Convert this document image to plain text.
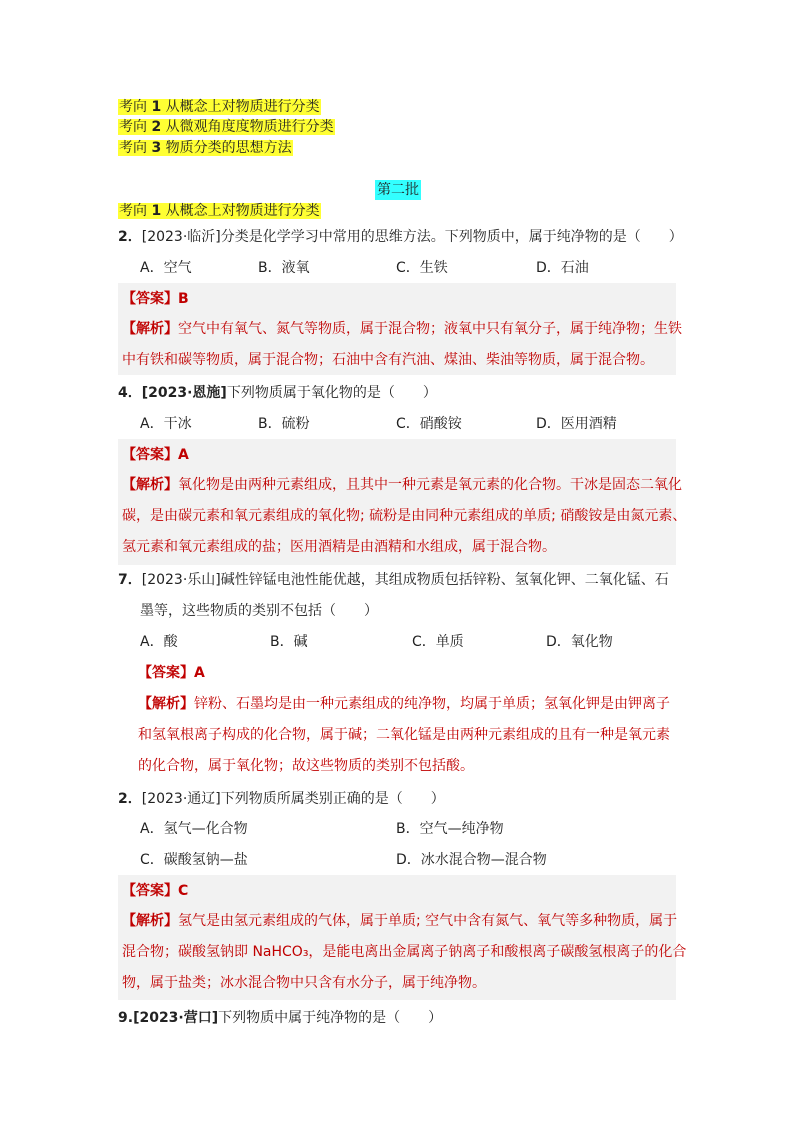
考向 1 从概念上对物质进行分类
考向 2 从微观角度度物质进行分类
考向 3 物质分类的思想方法
第二批
考向 1 从概念上对物质进行分类
2．[2023·临沂]分类是化学学习中常用的思维方法。下列物质中，属于纯净物的是（　　）
A．空气	B．液氧	C．生铁	D．石油
【答案】B
【解析】空气中有氧气、氮气等物质，属于混合物；液氧中只有氧分子，属于纯净物；生铁
中有铁和碳等物质，属于混合物；石油中含有汽油、煤油、柴油等物质，属于混合物。
4．[2023·恩施]下列物质属于氧化物的是（　　）
A．干冰	B．硫粉	C．硝酸铵	D．医用酒精
【答案】A
【解析】氧化物是由两种元素组成，且其中一种元素是氧元素的化合物。干冰是固态二氧化
碳，是由碳元素和氧元素组成的氧化物; 硫粉是由同种元素组成的单质; 硝酸铵是由氮元素、
氢元素和氧元素组成的盐；医用酒精是由酒精和水组成，属于混合物。
7．[2023·乐山]碱性锌锰电池性能优越，其组成物质包括锌粉、氢氧化钾、二氧化锰、石
墨等，这些物质的类别不包括（　　）
A．酸	B．碱	C．单质	D．氧化物
【答案】A
【解析】锌粉、石墨均是由一种元素组成的纯净物，均属于单质；氢氧化钾是由钾离子
和氢氧根离子构成的化合物，属于碱；二氧化锰是由两种元素组成的且有一种是氧元素
的化合物，属于氧化物；故这些物质的类别不包括酸。
2．[2023·通辽]下列物质所属类别正确的是（　　）
A．氢气—化合物	B．空气—纯净物
C．碳酸氢钠—盐	D．冰水混合物—混合物
【答案】C
【解析】氢气是由氢元素组成的气体，属于单质; 空气中含有氮气、氧气等多种物质，属于
混合物；碳酸氢钠即 NaHCO₃，是能电离出金属离子钠离子和酸根离子碳酸氢根离子的化合
物，属于盐类；冰水混合物中只含有水分子，属于纯净物。
9.[2023·营口]下列物质中属于纯净物的是（　　）
